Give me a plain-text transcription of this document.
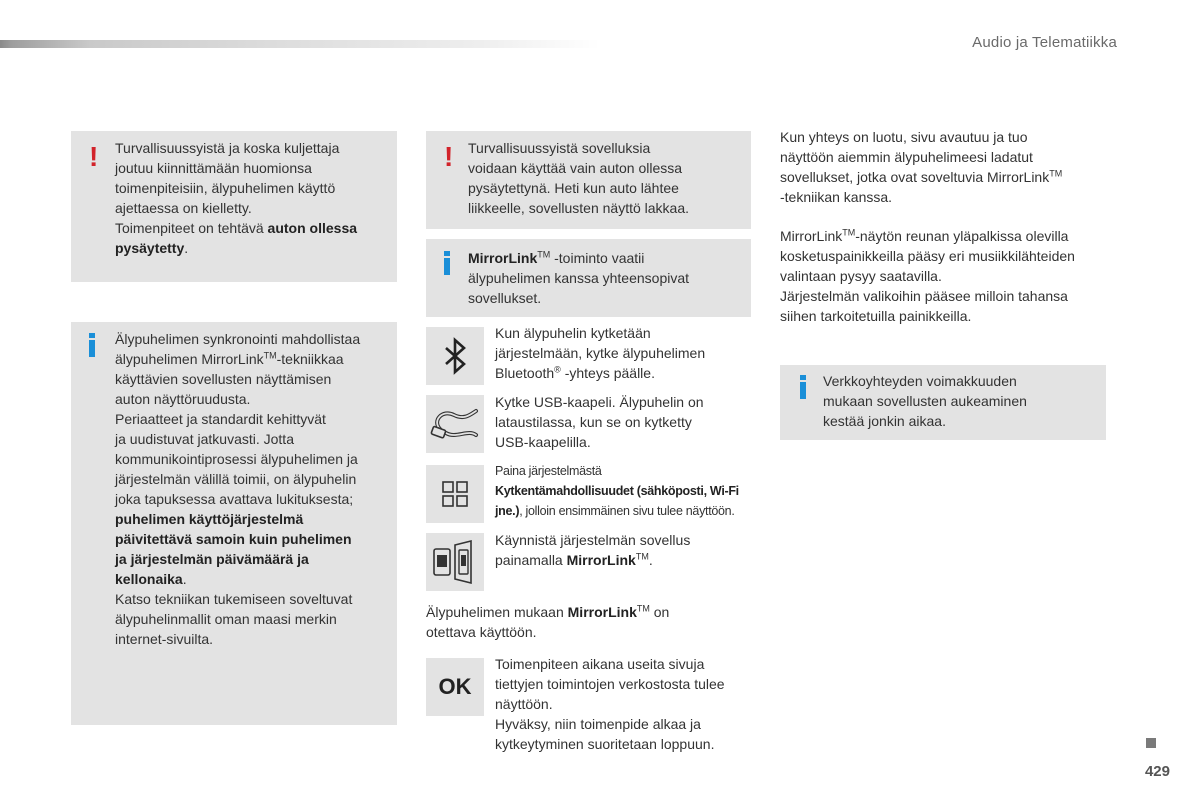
Audio ja Telematiikka
! Turvallisuussyistä ja koska kuljettaja
joutuu kiinnittämään huomionsa
toimenpiteisiin, älypuhelimen käyttö
ajettaessa on kielletty.
Toimenpiteet on tehtävä auton ollessa
pysäytetty.
Älypuhelimen synkronointi mahdollistaa
älypuhelimen MirrorLink™-tekniikkaa
käyttävien sovellusten näyttämisen
auton näyttöruudusta.
Periaatteet ja standardit kehittyvät
ja uudistuvat jatkuvasti. Jotta
kommunikointiprosessi älypuhelimen ja
järjestelmän välillä toimii, on älypuhelin
joka tapuksessa avattava lukituksesta;
puhelimen käyttöjärjestelmä
päivitettävä samoin kuin puhelimen
ja järjestelmän päivämäärä ja
kellonaika.
Katso tekniikan tukemiseen soveltuvat
älypuhelinmallit oman maasi merkin
internet-sivuilta.
! Turvallisuussyistä sovelluksia
voidaan käyttää vain auton ollessa
pysäytettynä. Heti kun auto lähtee
liikkeelle, sovellusten näyttö lakkaa.
MirrorLink™ -toiminto vaatii
älypuhelimen kanssa yhteensopivat
sovellukset.
Kun älypuhelin kytketään
järjestelmään, kytke älypuhelimen
Bluetooth® -yhteys päälle.
Kytke USB-kaapeli. Älypuhelin on
lataustilassa, kun se on kytketty
USB-kaapelilla.
Paina järjestelmästä
Kytkentämahdollisuudet (sähköposti, Wi-Fi
jne.), jolloin ensimmäinen sivu tulee näyttöön.
Käynnistä järjestelmän sovellus
painamalla MirrorLink™.
Älypuhelimen mukaan MirrorLink™ on
otettava käyttöön.
OK
Toimenpiteen aikana useita sivuja
tiettyjen toimintojen verkostosta tulee
näyttöön.
Hyväksy, niin toimenpide alkaa ja
kytkeytyminen suoritetaan loppuun.
Kun yhteys on luotu, sivu avautuu ja tuo
näyttöön aiemmin älypuhelimeesi ladatut
sovellukset, jotka ovat soveltuvia MirrorLink™
-tekniikan kanssa.
MirrorLink™-näytön reunan yläpalkissa olevilla
kosketuspainikkeilla pääsy eri musiikkilähteiden
valintaan pysyy saatavilla.
Järjestelmän valikoihin pääsee milloin tahansa
siihen tarkoitetuilla painikkeilla.
Verkkoyhteyden voimakkuuden
mukaan sovellusten aukeaminen
kestää jonkin aikaa.
429
